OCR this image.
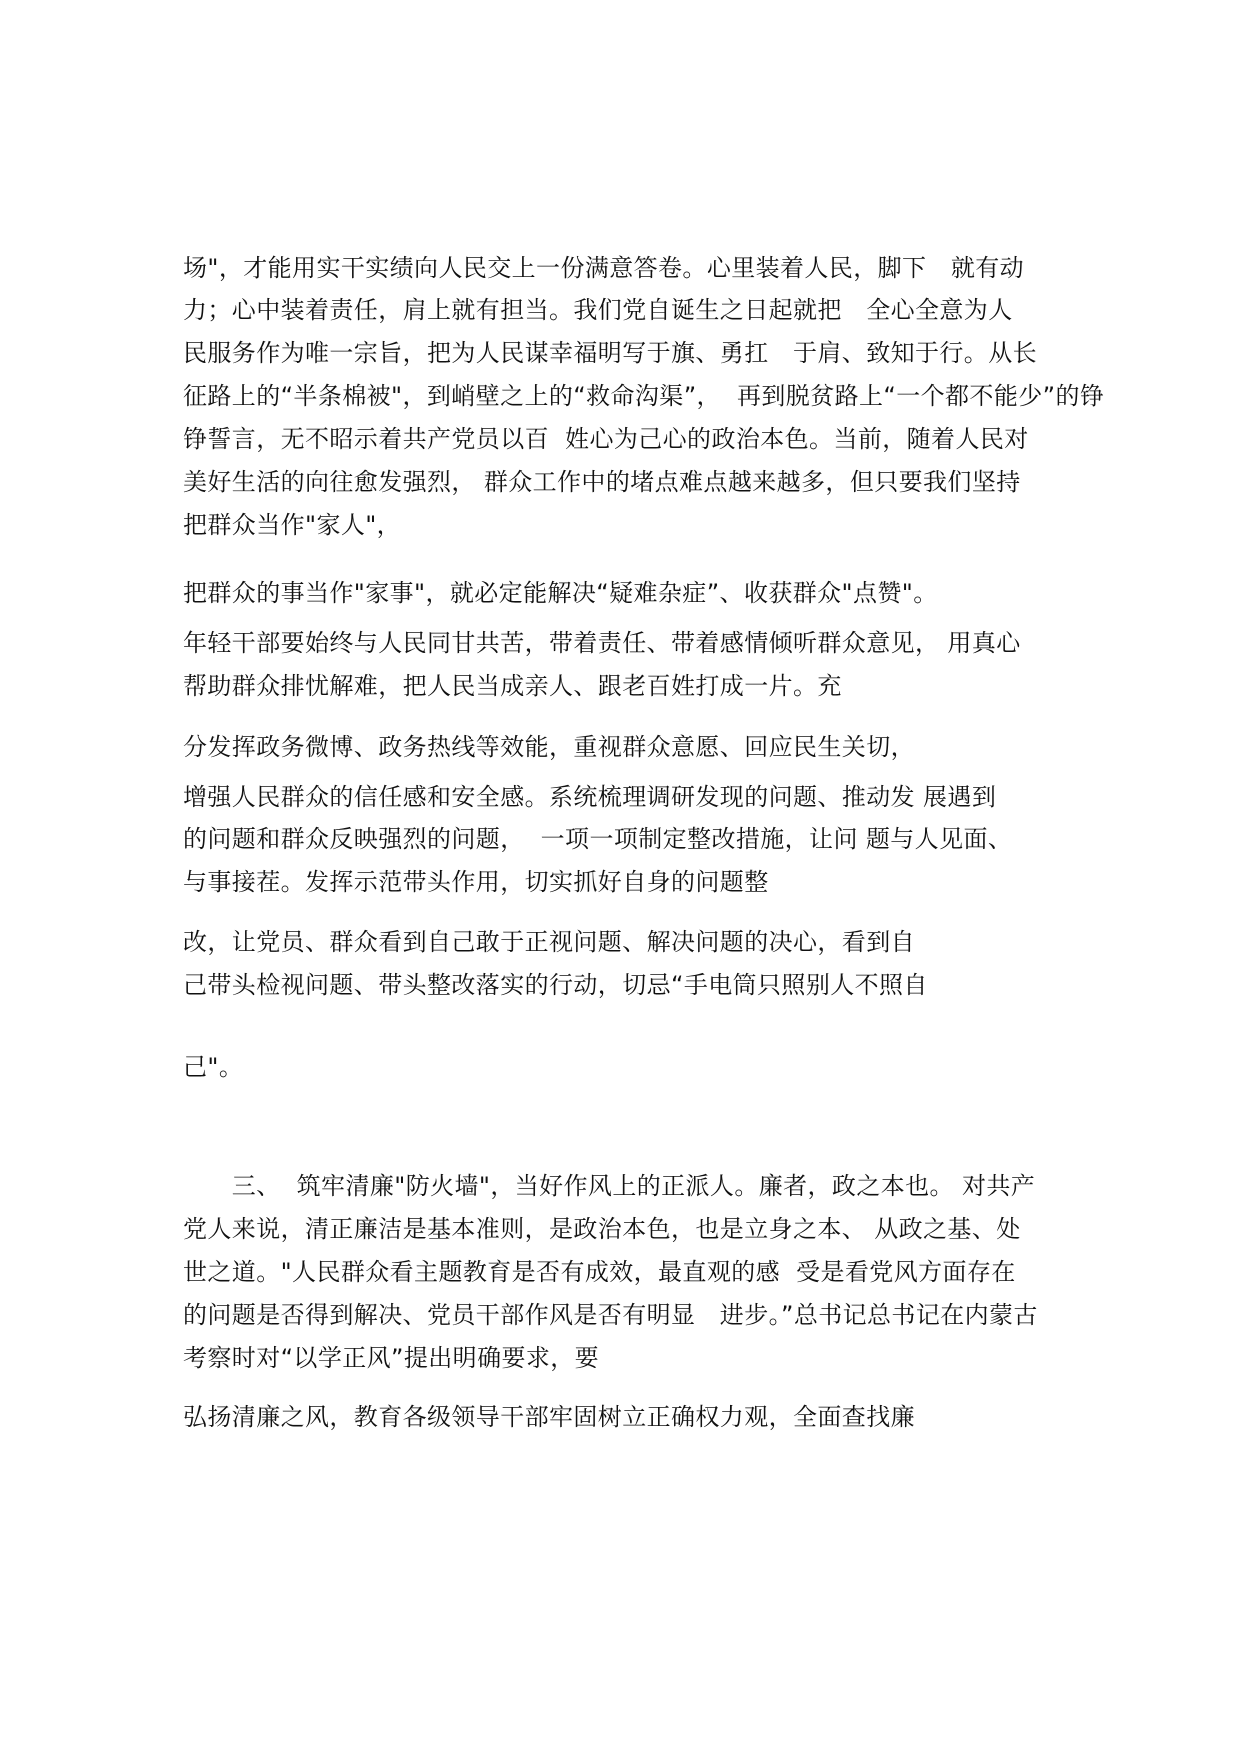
场"，才能用实干实绩向人民交上一份满意答卷。心里装着人民，脚下　就有动

力；心中装着责任，肩上就有担当。我们党自诞生之日起就把　全心全意为人

民服务作为唯一宗旨，把为人民谋幸福明写于旗、勇扛　于肩、致知于行。从长

征路上的“半条棉被"，到峭壁之上的“救命沟渠”，  再到脱贫路上“一个都不能少”的铮

铮誓言，无不昭示着共产党员以百  姓心为己心的政治本色。当前，随着人民对

美好生活的向往愈发强烈， 群众工作中的堵点难点越来越多，但只要我们坚持

把群众当作"家人"，

把群众的事当作"家事"，就必定能解决“疑难杂症”、收获群众"点赞"。

年轻干部要始终与人民同甘共苦，带着责任、带着感情倾听群众意见， 用真心

帮助群众排忧解难，把人民当成亲人、跟老百姓打成一片。充

分发挥政务微博、政务热线等效能，重视群众意愿、回应民生关切，

增强人民群众的信任感和安全感。系统梳理调研发现的问题、推动发 展遇到

的问题和群众反映强烈的问题，  一项一项制定整改措施，让问 题与人见面、

与事接茬。发挥示范带头作用，切实抓好自身的问题整

改，让党员、群众看到自己敢于正视问题、解决问题的决心，看到自

己带头检视问题、带头整改落实的行动，切忌“手电筒只照别人不照自

己"。

　　三、  筑牢清廉"防火墙"，当好作风上的正派人。廉者，政之本也。 对共产

党人来说，清正廉洁是基本准则，是政治本色，也是立身之本、 从政之基、处

世之道。"人民群众看主题教育是否有成效，最直观的感  受是看党风方面存在

的问题是否得到解决、党员干部作风是否有明显　进步。”总书记总书记在内蒙古

考察时对“以学正风”提出明确要求，要

弘扬清廉之风，教育各级领导干部牢固树立正确权力观，全面查找廉
